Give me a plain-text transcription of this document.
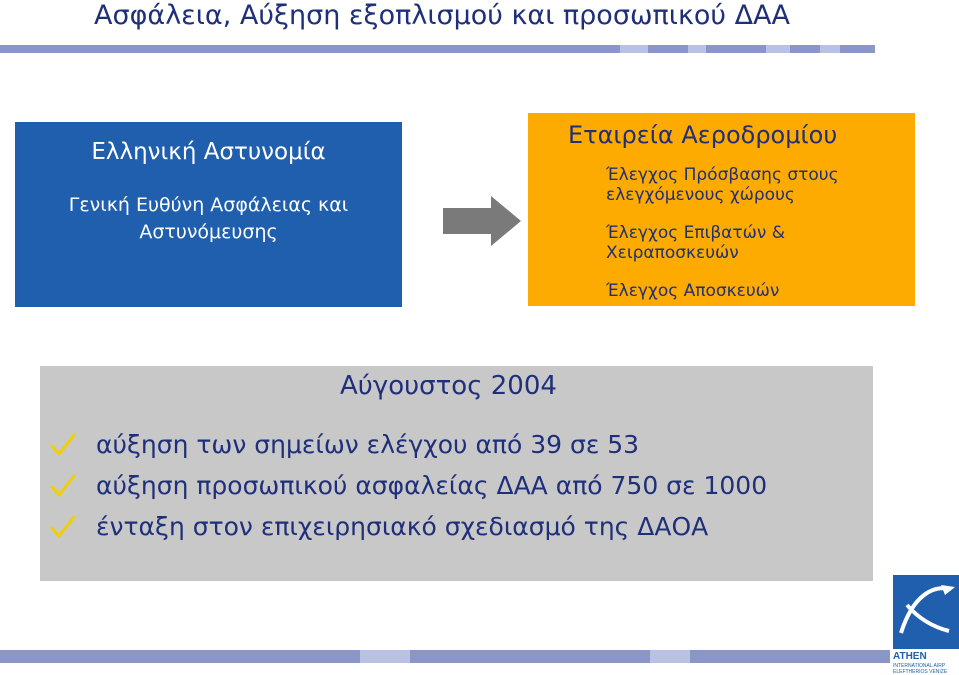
Ασφάλεια, Αύξηση εξοπλισμού και προσωπικού ΔΑΑ
Ελληνική Αστυνομία
Γενική Ευθύνη Ασφάλειας και
Αστυνόμευσης
Εταιρεία Αεροδρομίου
Έλεγχος Πρόσβασης στους
ελεγχόμενους χώρους
Έλεγχος Επιβατών &
Χειραποσκευών
Έλεγχος Αποσκευών
Αύγουστος 2004
αύξηση των σημείων ελέγχου από 39 σε 53
αύξηση προσωπικού ασφαλείας ΔΑΑ από 750 σε 1000
ένταξη στον επιχειρησιακό σχεδιασμό της ΔΑΟΑ
ATHEN
INTERNATIONAL AIRP
ELEFTHERIOS VENIZE
